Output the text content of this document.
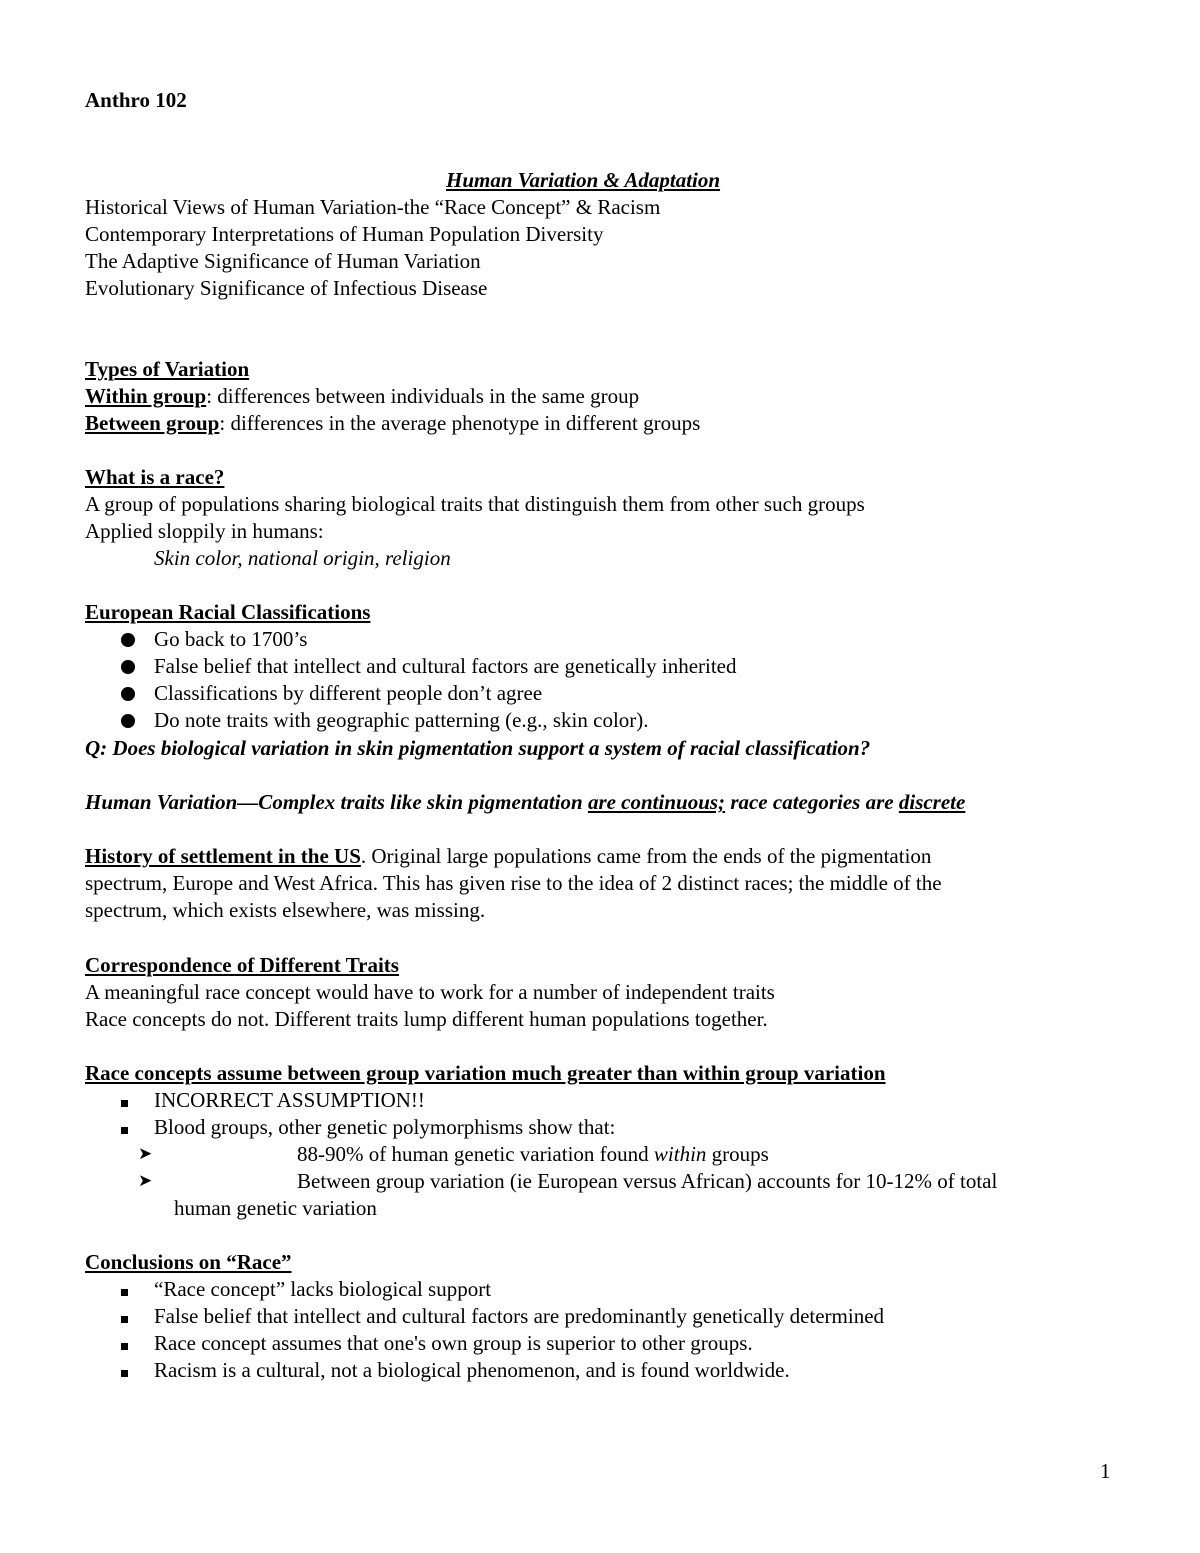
Anthro 102
Human Variation & Adaptation
Historical Views of Human Variation-the “Race Concept” & Racism
Contemporary Interpretations of Human Population Diversity
The Adaptive Significance of Human Variation
Evolutionary Significance of Infectious Disease
Types of Variation
Within group: differences between individuals in the same group
Between group: differences in the average phenotype in different groups
What is a race?
A group of populations sharing biological traits that distinguish them from other such groups
Applied sloppily in humans:
Skin color, national origin, religion
European Racial Classifications
Go back to 1700’s
False belief that intellect and cultural factors are genetically inherited
Classifications by different people don’t agree
Do note traits with geographic patterning (e.g., skin color).
Q: Does biological variation in skin pigmentation support a system of racial classification?
Human Variation—Complex traits like skin pigmentation are continuous; race categories are discrete
History of settlement in the US. Original large populations came from the ends of the pigmentation
spectrum, Europe and West Africa. This has given rise to the idea of 2 distinct races; the middle of the
spectrum, which exists elsewhere, was missing.
Correspondence of Different Traits
A meaningful race concept would have to work for a number of independent traits
Race concepts do not. Different traits lump different human populations together.
Race concepts assume between group variation much greater than within group variation
INCORRECT ASSUMPTION!!
Blood groups, other genetic polymorphisms show that:
➤	88-90% of human genetic variation found within groups
➤	Between group variation (ie European versus African) accounts for 10-12% of total
human genetic variation
Conclusions on “Race”
“Race concept” lacks biological support
False belief that intellect and cultural factors are predominantly genetically determined
Race concept assumes that one's own group is superior to other groups.
Racism is a cultural, not a biological phenomenon, and is found worldwide.
1
